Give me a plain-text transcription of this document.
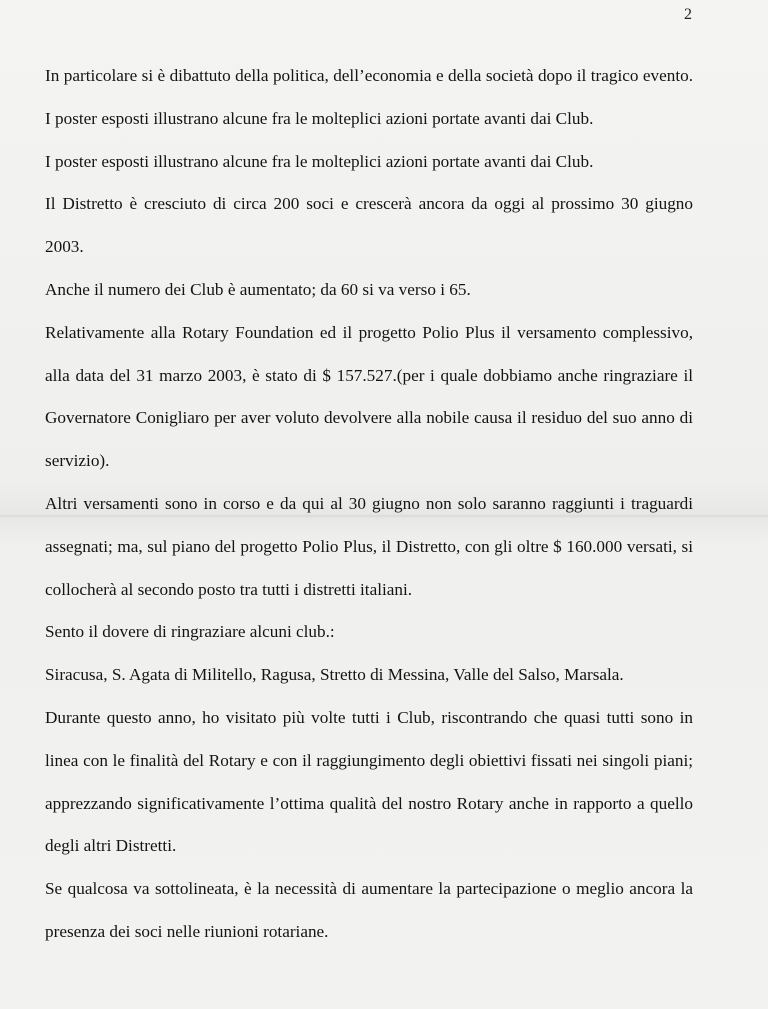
2

In particolare si è dibattuto della politica, dell’economia e della società dopo il tragico evento. I poster esposti illustrano alcune fra le molteplici azioni portate avanti dai Club.

I poster esposti illustrano alcune fra le molteplici azioni portate avanti dai Club.

Il Distretto è cresciuto di circa 200 soci e crescerà ancora da oggi al prossimo 30 giugno 2003.

Anche il numero dei Club è aumentato; da 60 si va verso i 65.

Relativamente alla Rotary Foundation ed il progetto Polio Plus il versamento complessivo, alla data del 31 marzo 2003, è stato di $ 157.527.(per i quale dobbiamo anche ringraziare il Governatore Conigliaro per aver voluto devolvere alla nobile causa il residuo del suo anno di servizio).

Altri versamenti sono in corso e da qui al 30 giugno non solo saranno raggiunti i traguardi assegnati; ma, sul piano del progetto Polio Plus, il Distretto, con gli oltre $ 160.000 versati, si collocherà al secondo posto tra tutti i distretti italiani.

Sento il dovere di ringraziare alcuni club.:

Siracusa, S. Agata di Militello, Ragusa, Stretto di Messina, Valle del Salso, Marsala.

Durante questo anno, ho visitato più volte tutti i Club, riscontrando che quasi tutti sono in linea con le finalità del Rotary e con il raggiungimento degli obiettivi fissati nei singoli piani; apprezzando significativamente l’ottima qualità del nostro Rotary anche in rapporto a quello degli altri Distretti.

Se qualcosa va sottolineata, è la necessità di aumentare la partecipazione o meglio ancora la presenza dei soci nelle riunioni rotariane.
